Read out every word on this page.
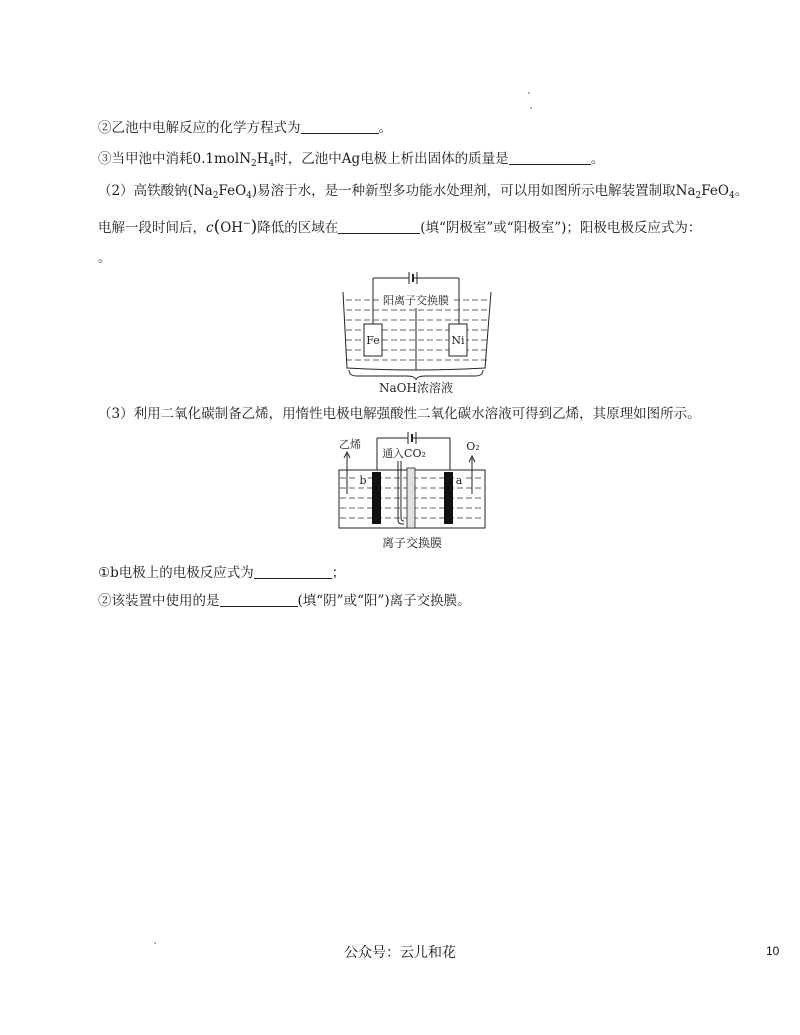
②乙池中电解反应的化学方程式为	。
③当甲池中消耗$0.1molN_2H_4$时，乙池中Ag电极上析出固体的质量是	。
（2）高铁酸钠$(Na_2FeO_4)$易溶于水，是一种新型多功能水处理剂，可以用如图所示电解装置制取$Na_2FeO_4$。
电解一段时间后，c(OH−)降低的区域在	(填“阴极室”或“阳极室”)；阳极电极反应式为：
。
阳离子交换膜
Fe	Ni
NaOH浓溶液
（3）利用二氧化碳制备乙烯，用惰性电极电解强酸性二氧化碳水溶液可得到乙烯，其原理如图所示。
b	a
乙烯	O₂
通入CO₂
离子交换膜
①b电极上的电极反应式为	；
②该装置中使用的是	(填“阴”或“阳”)离子交换膜。
公众号：云儿和花	10
